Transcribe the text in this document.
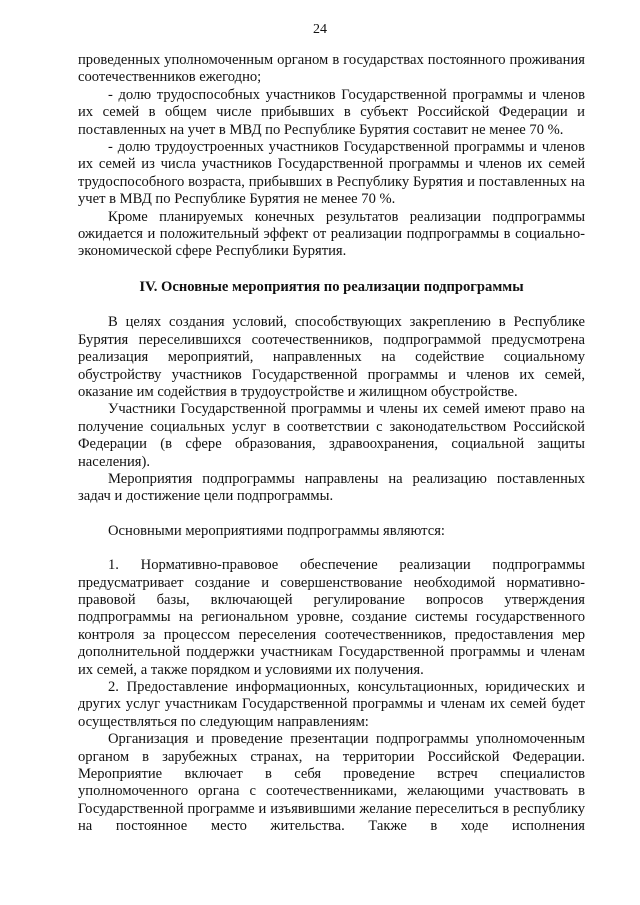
24

проведенных уполномоченным органом в государствах постоянного проживания соотечественников ежегодно;

- долю трудоспособных участников Государственной программы и членов их семей в общем числе прибывших в субъект Российской Федерации и поставленных на учет в МВД по Республике Бурятия составит не менее 70 %.

- долю трудоустроенных участников Государственной программы и членов их семей из числа участников Государственной программы и членов их семей трудоспособного возраста, прибывших в Республику Бурятия и поставленных на учет в МВД по Республике Бурятия не менее 70 %.

Кроме планируемых конечных результатов реализации подпрограммы ожидается и положительный эффект от реализации подпрограммы в социально-экономической сфере Республики Бурятия.

IV. Основные мероприятия по реализации подпрограммы

В целях создания условий, способствующих закреплению в Республике Бурятия переселившихся соотечественников, подпрограммой предусмотрена реализация мероприятий, направленных на содействие социальному обустройству участников Государственной программы и членов их семей, оказание им содействия в трудоустройстве и жилищном обустройстве.

Участники Государственной программы и члены их семей имеют право на получение социальных услуг в соответствии с законодательством Российской Федерации (в сфере образования, здравоохранения, социальной защиты населения).

Мероприятия подпрограммы направлены на реализацию поставленных задач и достижение цели подпрограммы.

Основными мероприятиями подпрограммы являются:

1. Нормативно-правовое обеспечение реализации подпрограммы предусматривает создание и совершенствование необходимой нормативно-правовой базы, включающей регулирование вопросов утверждения подпрограммы на региональном уровне, создание системы государственного контроля за процессом переселения соотечественников, предоставления мер дополнительной поддержки участникам Государственной программы и членам их семей, а также порядком и условиями их получения.

2. Предоставление информационных, консультационных, юридических и других услуг участникам Государственной программы и членам их семей будет осуществляться по следующим направлениям:

Организация и проведение презентации подпрограммы уполномоченным органом в зарубежных странах, на территории Российской Федерации. Мероприятие включает в себя проведение встреч специалистов уполномоченного органа с соотечественниками, желающими участвовать в Государственной программе и изъявившими желание переселиться в республику на постоянное место жительства. Также в ходе исполнения
